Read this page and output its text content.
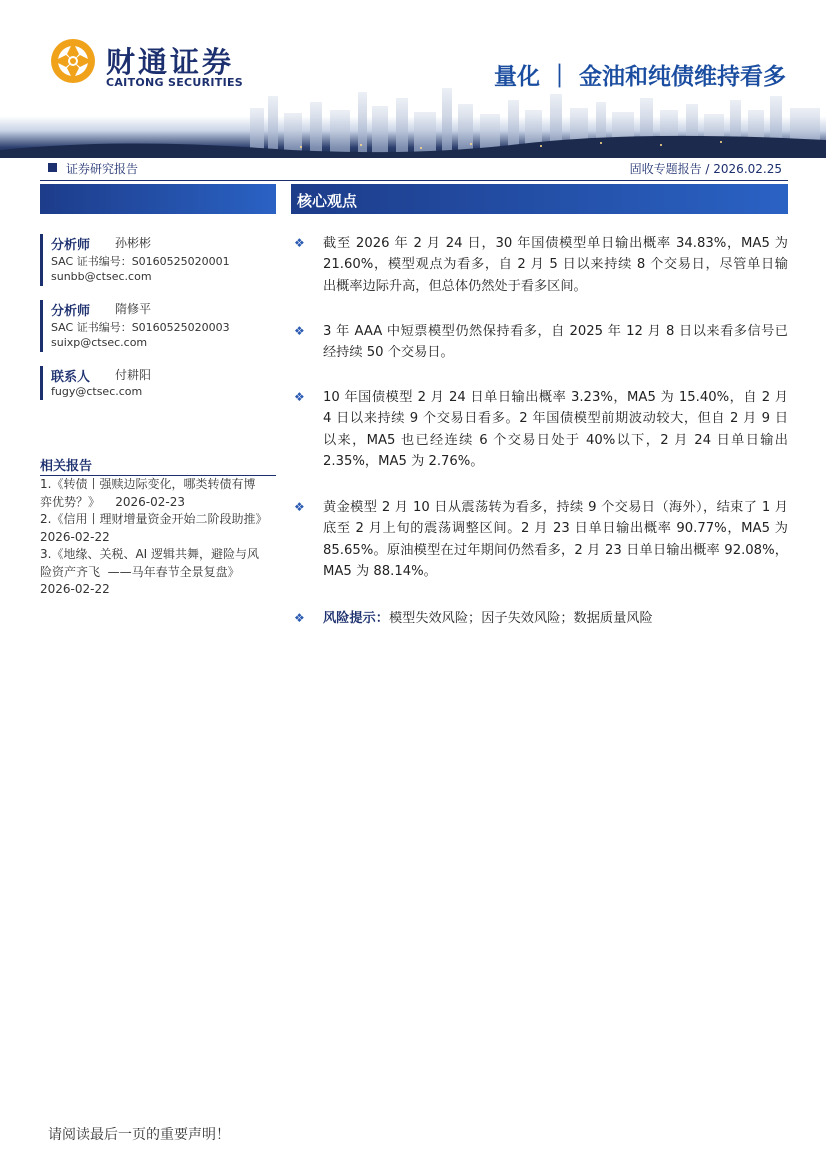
财通证券
CAITONG SECURITIES	量化 ｜ 金油和纯债维持看多
证券研究报告	固收专题报告 / 2026.02.25
分析师 孙彬彬
SAC 证书编号：S0160525020001
sunbb@ctsec.com
分析师 隋修平
SAC 证书编号：S0160525020003
suixp@ctsec.com
联系人 付耕阳
fugy@ctsec.com
相关报告
1.《转债丨强赎边际变化，哪类转债有博
弈优势？》    2026-02-23
2.《信用丨理财增量资金开始二阶段助推》
2026-02-22
3.《地缘、关税、AI 逻辑共舞，避险与风
险资产齐飞  ——马年春节全景复盘》
2026-02-22
核心观点
❖ 截至 2026 年 2 月 24 日，30 年国债模型单日输出概率 34.83%，MA5 为
21.60%，模型观点为看多，自 2 月 5 日以来持续 8 个交易日，尽管单日输
出概率边际升高，但总体仍然处于看多区间。
❖ 3 年 AAA 中短票模型仍然保持看多，自 2025 年 12 月 8 日以来看多信号已
经持续 50 个交易日。
❖ 10 年国债模型 2 月 24 日单日输出概率 3.23%，MA5 为 15.40%，自 2 月
4 日以来持续 9 个交易日看多。2 年国债模型前期波动较大，但自 2 月 9 日
以来，MA5 也已经连续 6 个交易日处于 40%以下，2 月 24 日单日输出
2.35%，MA5 为 2.76%。
❖ 黄金模型 2 月 10 日从震荡转为看多，持续 9 个交易日（海外），结束了 1 月
底至 2 月上旬的震荡调整区间。2 月 23 日单日输出概率 90.77%，MA5 为
85.65%。原油模型在过年期间仍然看多，2 月 23 日单日输出概率 92.08%，
MA5 为 88.14%。
❖ 风险提示：模型失效风险；因子失效风险；数据质量风险
请阅读最后一页的重要声明！
